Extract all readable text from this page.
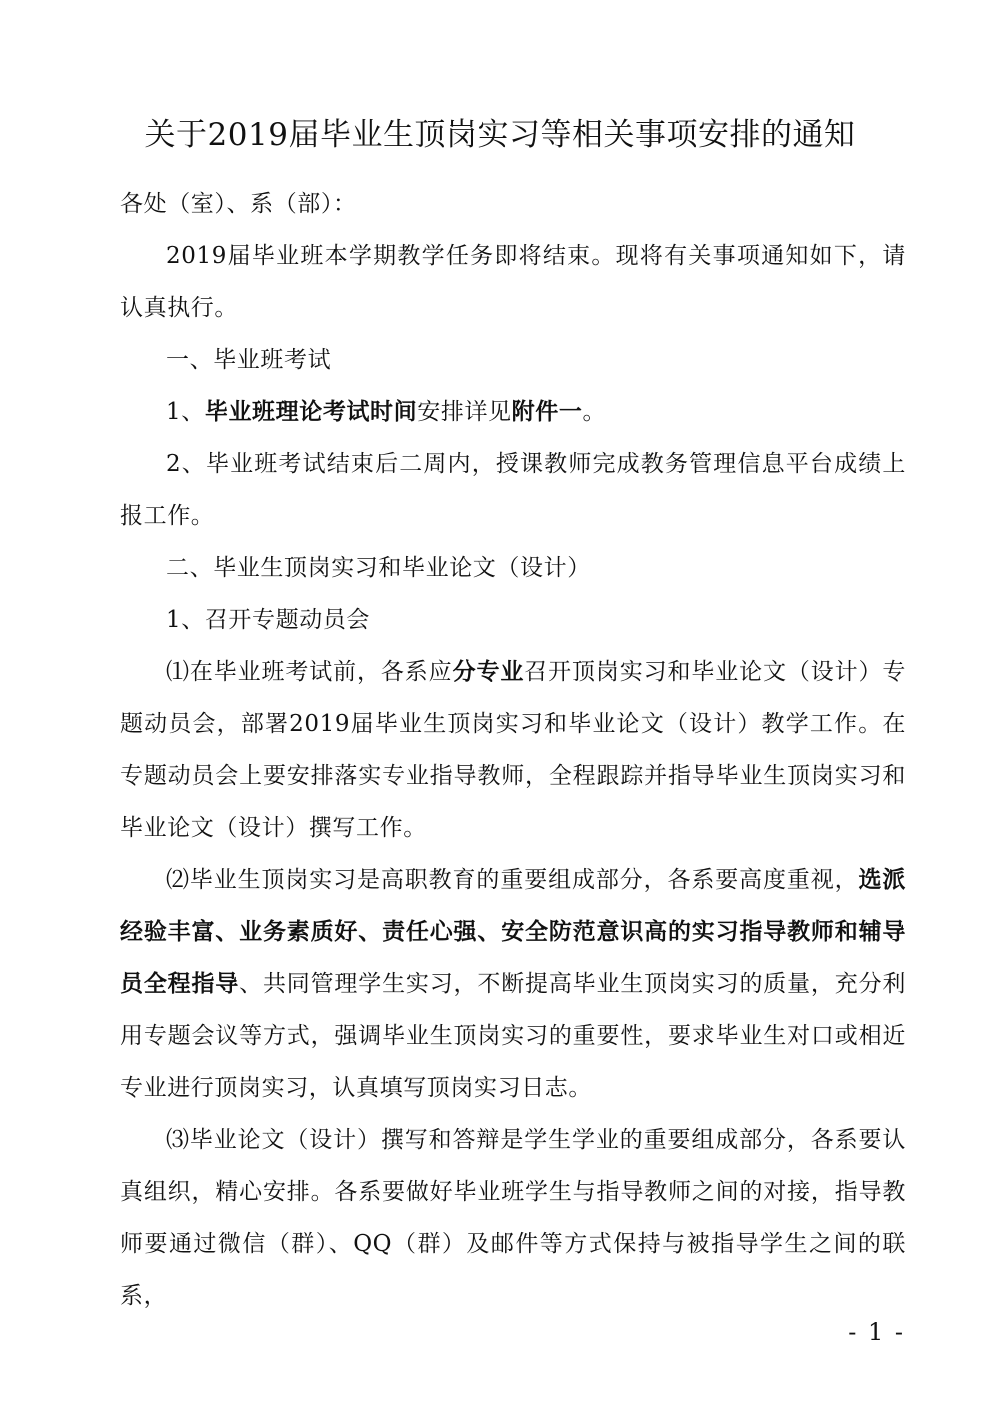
关于2019届毕业生顶岗实习等相关事项安排的通知

各处（室）、系（部）：

2019届毕业班本学期教学任务即将结束。现将有关事项通知如下，请认真执行。

一、毕业班考试

1、毕业班理论考试时间安排详见附件一。

2、毕业班考试结束后二周内，授课教师完成教务管理信息平台成绩上报工作。

二、毕业生顶岗实习和毕业论文（设计）

1、召开专题动员会

⑴在毕业班考试前，各系应分专业召开顶岗实习和毕业论文（设计）专题动员会，部署2019届毕业生顶岗实习和毕业论文（设计）教学工作。在专题动员会上要安排落实专业指导教师，全程跟踪并指导毕业生顶岗实习和毕业论文（设计）撰写工作。

⑵毕业生顶岗实习是高职教育的重要组成部分，各系要高度重视，选派经验丰富、业务素质好、责任心强、安全防范意识高的实习指导教师和辅导员全程指导、共同管理学生实习，不断提高毕业生顶岗实习的质量，充分利用专题会议等方式，强调毕业生顶岗实习的重要性，要求毕业生对口或相近专业进行顶岗实习，认真填写顶岗实习日志。

⑶毕业论文（设计）撰写和答辩是学生学业的重要组成部分，各系要认真组织，精心安排。各系要做好毕业班学生与指导教师之间的对接，指导教师要通过微信（群）、QQ（群）及邮件等方式保持与被指导学生之间的联系，

- 1 -
